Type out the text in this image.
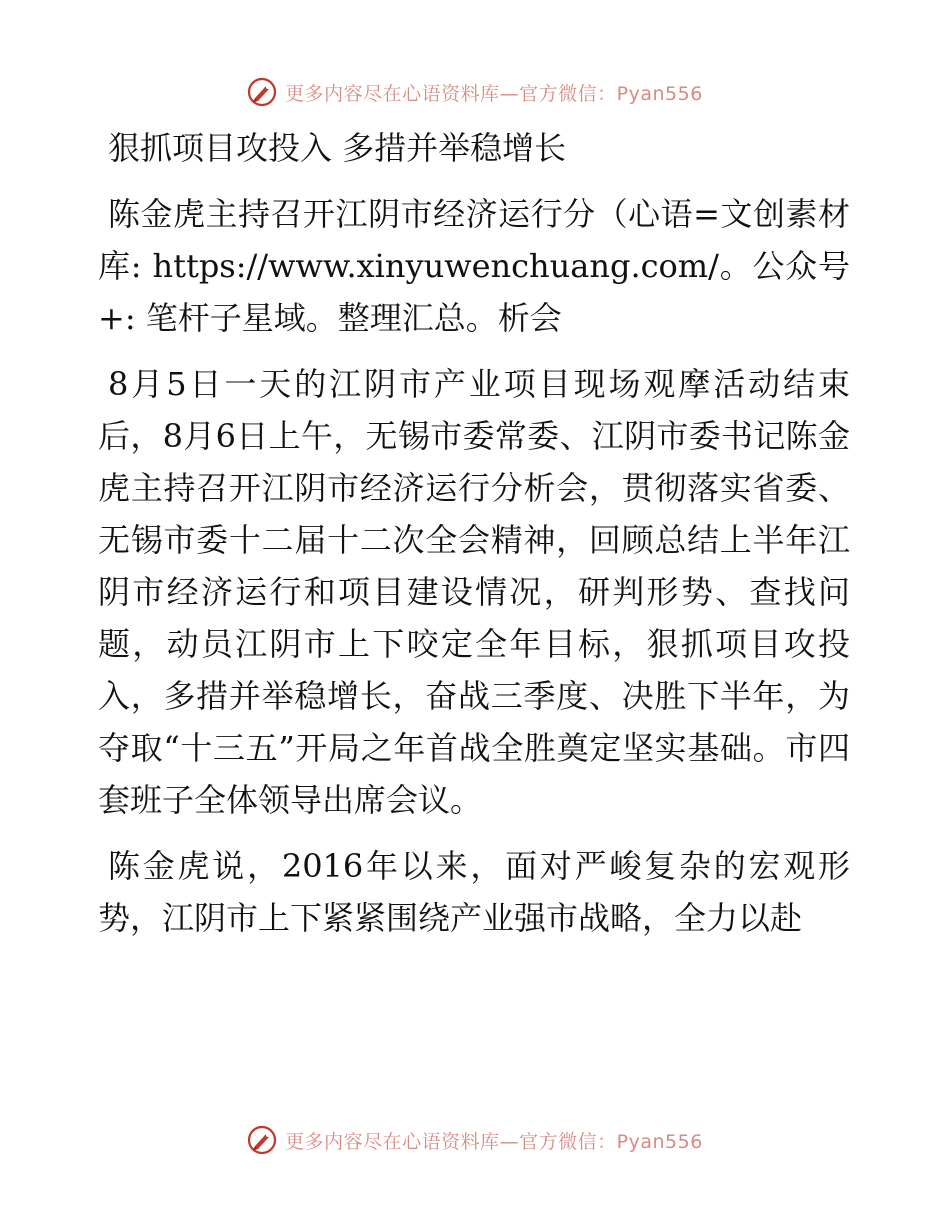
更多内容尽在心语资料库—官方微信：Pyan556
狠抓项目攻投入 多措并举稳增长

陈金虎主持召开江阴市经济运行分（心语=文创素材库: https://www.xinyuwenchuang.com/。公众号+: 笔杆子星域。整理汇总。析会

8月5日一天的江阴市产业项目现场观摩活动结束后，8月6日上午，无锡市委常委、江阴市委书记陈金虎主持召开江阴市经济运行分析会，贯彻落实省委、无锡市委十二届十二次全会精神，回顾总结上半年江阴市经济运行和项目建设情况，研判形势、查找问题，动员江阴市上下咬定全年目标，狠抓项目攻投入，多措并举稳增长，奋战三季度、决胜下半年，为夺取“十三五”开局之年首战全胜奠定坚实基础。市四套班子全体领导出席会议。

陈金虎说，2016年以来，面对严峻复杂的宏观形势，江阴市上下紧紧围绕产业强市战略，全力以赴

更多内容尽在心语资料库—官方微信：Pyan556
